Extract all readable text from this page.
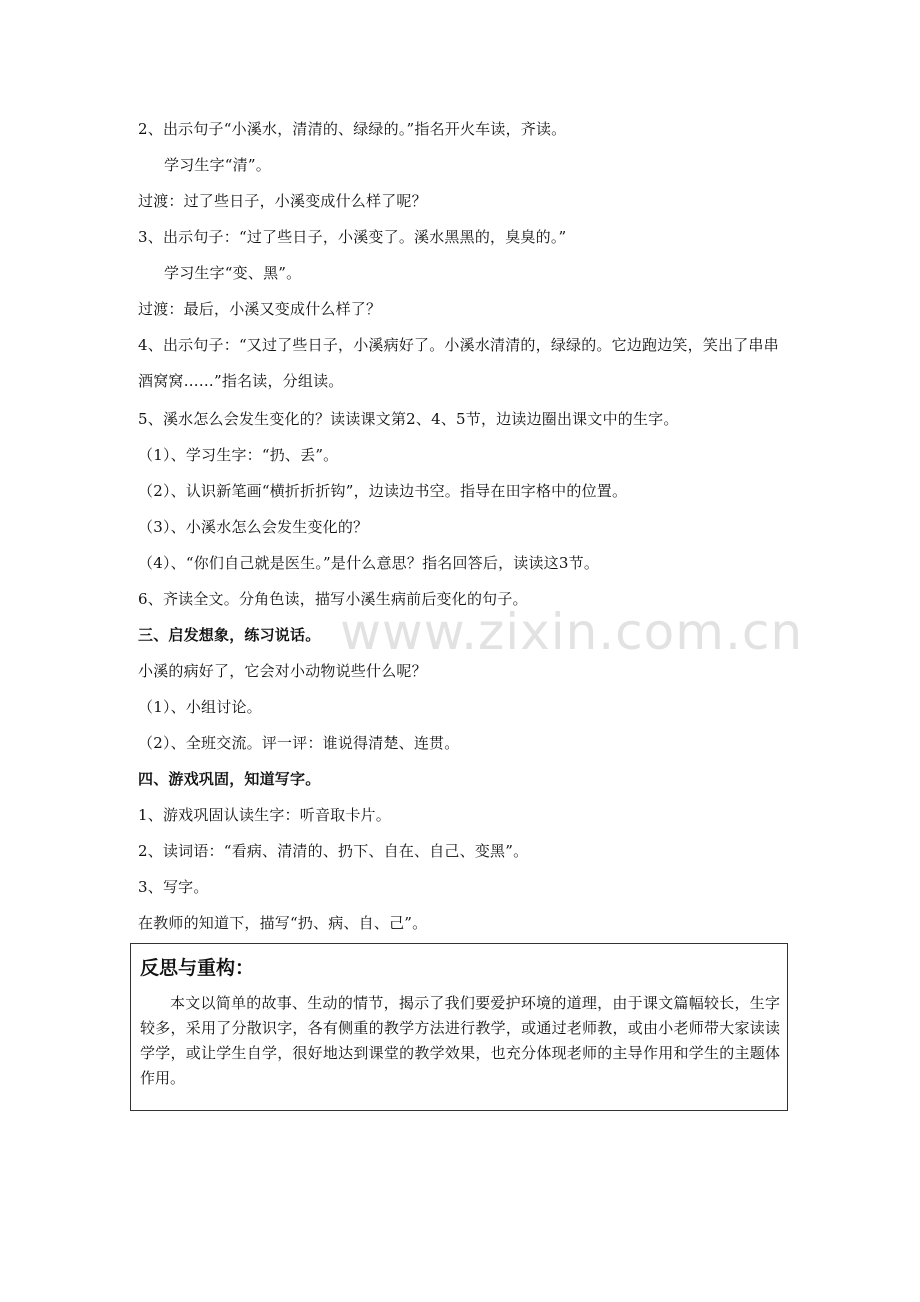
www.zixin.com.cn
2、出示句子“小溪水，清清的、绿绿的。”指名开火车读，齐读。
学习生字“清”。
过渡：过了些日子，小溪变成什么样了呢？
3、出示句子：“过了些日子，小溪变了。溪水黑黑的，臭臭的。”
学习生字“变、黑”。
过渡：最后，小溪又变成什么样了？
4、出示句子：“又过了些日子，小溪病好了。小溪水清清的，绿绿的。它边跑边笑，笑出了串串酒窝窝……”指名读，分组读。
5、溪水怎么会发生变化的？读读课文第2、4、5节，边读边圈出课文中的生字。
（1）、学习生字：“扔、丢”。
（2）、认识新笔画“横折折折钩”，边读边书空。指导在田字格中的位置。
（3）、小溪水怎么会发生变化的？
（4）、“你们自己就是医生。”是什么意思？指名回答后，读读这3节。
6、齐读全文。分角色读，描写小溪生病前后变化的句子。
三、启发想象，练习说话。
小溪的病好了，它会对小动物说些什么呢？
（1）、小组讨论。
（2）、全班交流。评一评：谁说得清楚、连贯。
四、游戏巩固，知道写字。
1、游戏巩固认读生字：听音取卡片。
2、读词语：“看病、清清的、扔下、自在、自己、变黑”。
3、写字。
在教师的知道下，描写“扔、病、自、己”。
反思与重构：
本文以简单的故事、生动的情节，揭示了我们要爱护环境的道理，由于课文篇幅较长，生字较多，采用了分散识字，各有侧重的教学方法进行教学，或通过老师教，或由小老师带大家读读学学，或让学生自学，很好地达到课堂的教学效果，也充分体现老师的主导作用和学生的主题体作用。
